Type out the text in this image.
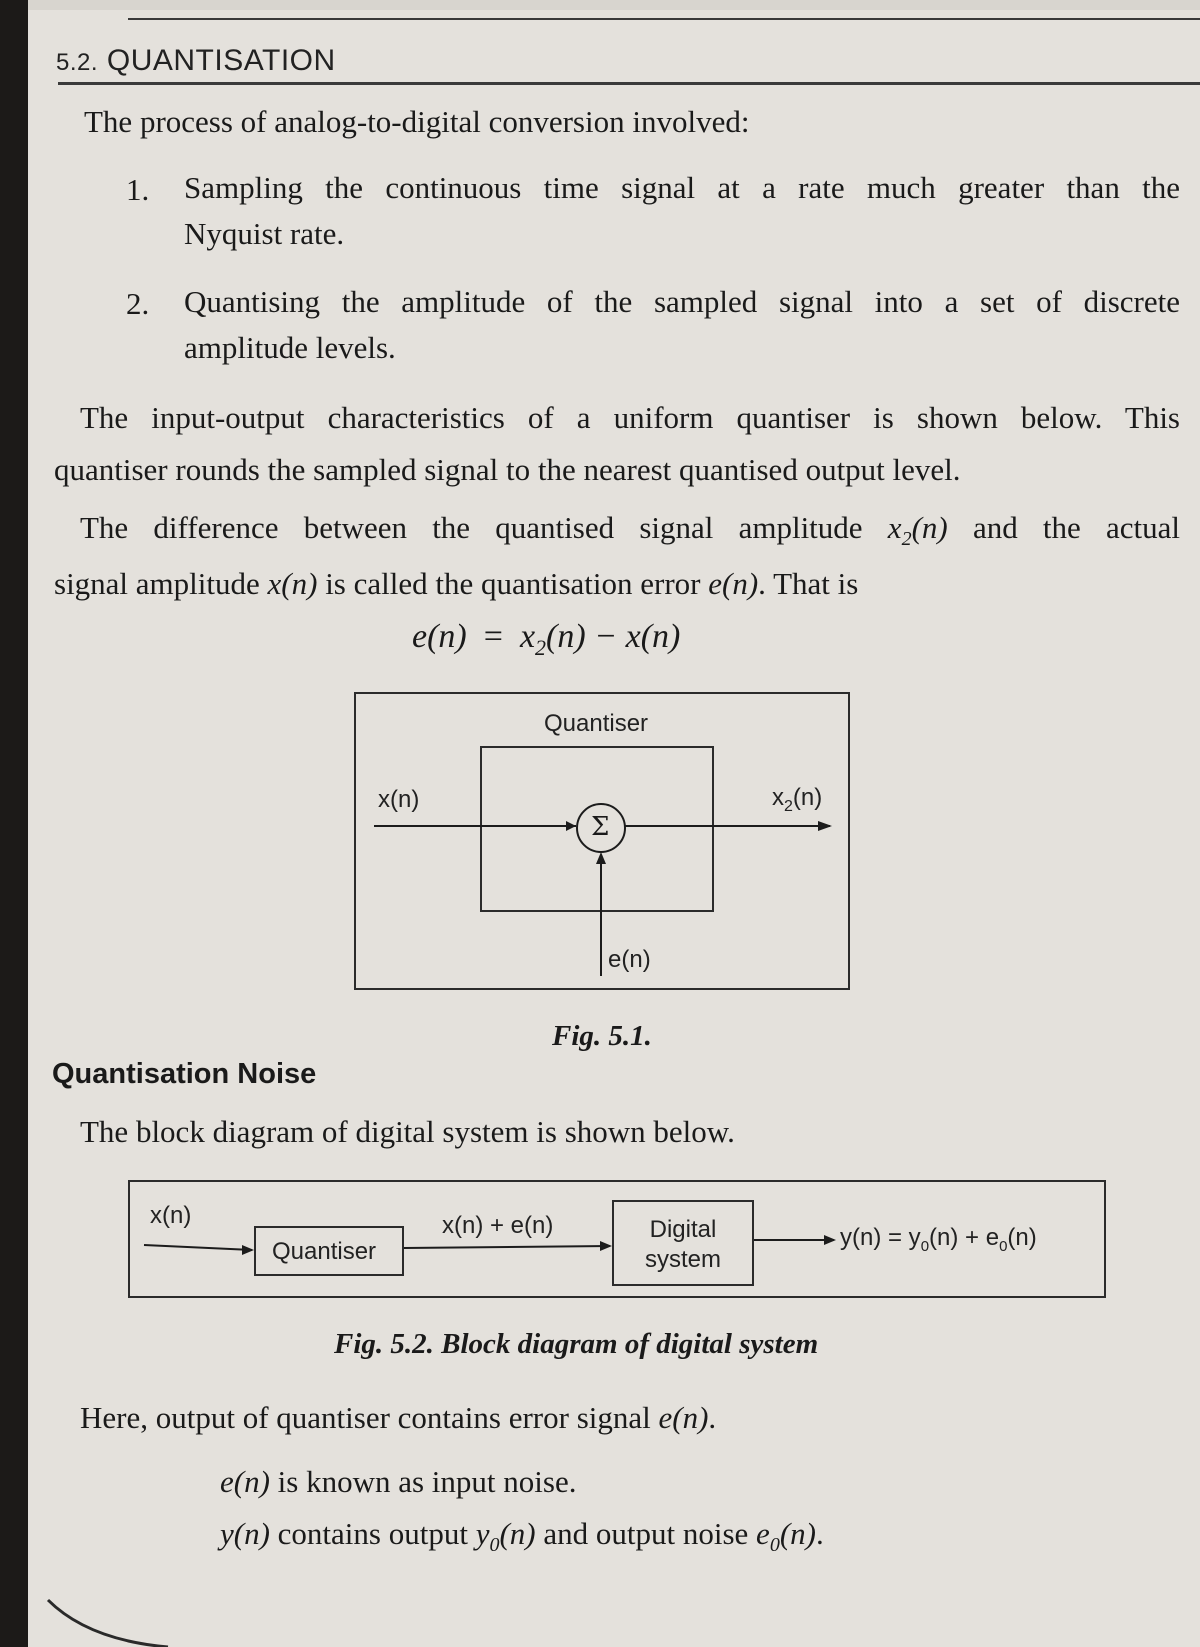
5.2. QUANTISATION
The process of analog-to-digital conversion involved:
1. Sampling the continuous time signal at a rate much greater than the
Nyquist rate.
2. Quantising the amplitude of the sampled signal into a set of discrete
amplitude levels.
The input-output characteristics of a uniform quantiser is shown below. This
quantiser rounds the sampled signal to the nearest quantised output level.
The difference between the quantised signal amplitude $x_2(n)$ and the actual
signal amplitude x(n) is called the quantisation error e(n). That is
$e(n) = x_2(n) - x(n)$
Quantiser
x(n)	$x_2(n)$
e(n)
Σ
Fig. 5.1.
Quantisation Noise
The block diagram of digital system is shown below.
x(n)
Quantiser
x(n) + e(n)	Digital
system
$y(n) = y_0(n) + e_0(n)$
Fig. 5.2. Block diagram of digital system
Here, output of quantiser contains error signal e(n).
e(n) is known as input noise.
y(n) contains output $y_0(n)$ and output noise $e_0(n)$.
